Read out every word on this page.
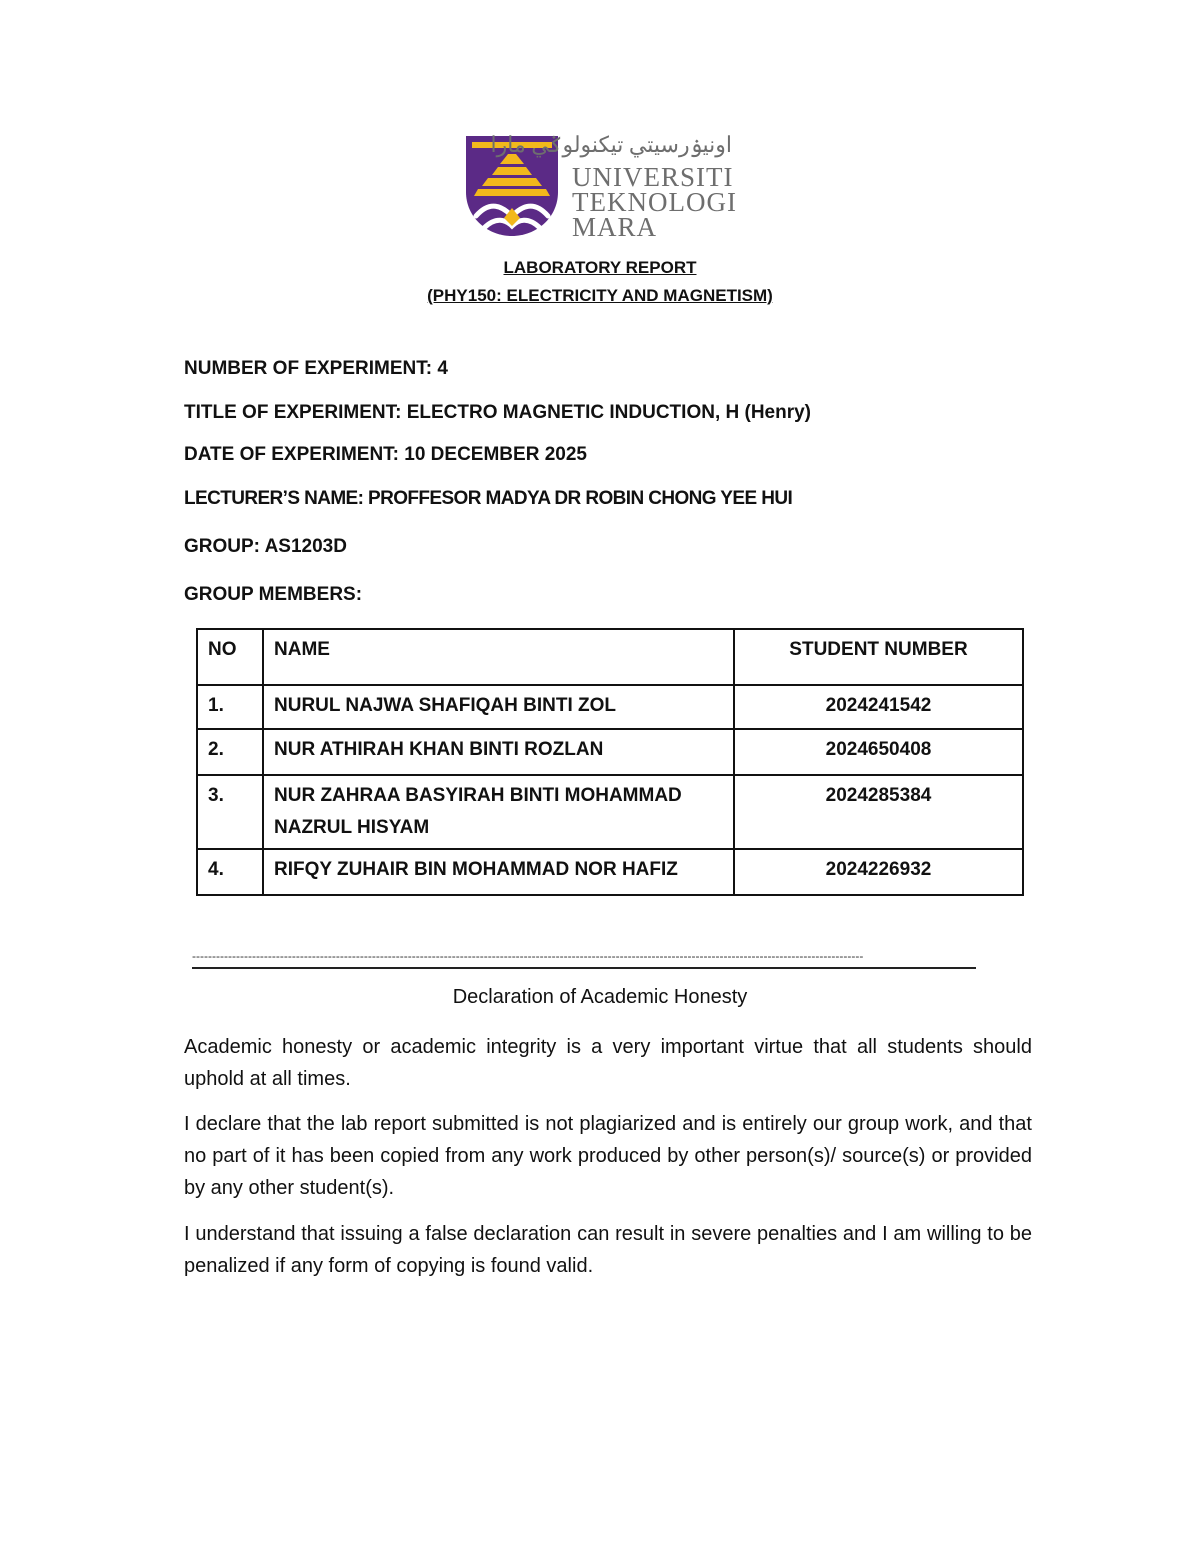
اونيۏرسيتي تيکنولوݢي مارا
UNIVERSITI
TEKNOLOGI
MARA
LABORATORY REPORT
(PHY150: ELECTRICITY AND MAGNETISM)
NUMBER OF EXPERIMENT: 4
TITLE OF EXPERIMENT: ELECTRO MAGNETIC INDUCTION, H (Henry)
DATE OF EXPERIMENT: 10 DECEMBER 2025
LECTURER’S NAME: PROFFESOR MADYA DR ROBIN CHONG YEE HUI
GROUP: AS1203D
GROUP MEMBERS:
NO	NAME	STUDENT NUMBER
1.	NURUL NAJWA SHAFIQAH BINTI ZOL	2024241542
2.	NUR ATHIRAH KHAN BINTI ROZLAN	2024650408
3.	NUR ZAHRAA BASYIRAH BINTI MOHAMMAD NAZRUL HISYAM	2024285384
4.	RIFQY ZUHAIR BIN MOHAMMAD NOR HAFIZ	2024226932
------------------------------------------------------------------------------------------------------------------------------------------------------------------------
Declaration of Academic Honesty
Academic honesty or academic integrity is a very important virtue that all students should uphold at all times.
I declare that the lab report submitted is not plagiarized and is entirely our group work, and that no part of it has been copied from any work produced by other person(s)/ source(s) or provided by any other student(s).
I understand that issuing a false declaration can result in severe penalties and I am willing to be penalized if any form of copying is found valid.
